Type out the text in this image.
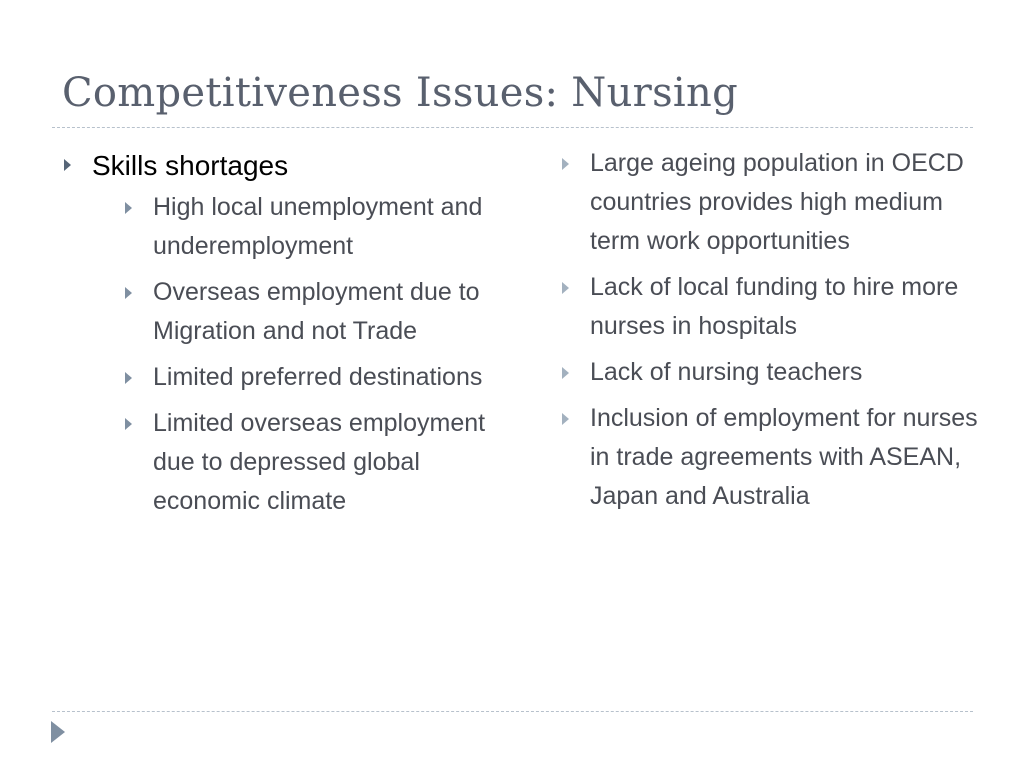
Competitiveness Issues: Nursing
Skills shortages
High local unemployment and underemployment
Overseas employment due to Migration and not Trade
Limited preferred destinations
Limited overseas employment due to depressed global economic climate
Large ageing population in OECD countries provides high medium term work opportunities
Lack of local funding to hire more nurses in hospitals
Lack of nursing teachers
Inclusion of employment for nurses in trade agreements with ASEAN, Japan and Australia
